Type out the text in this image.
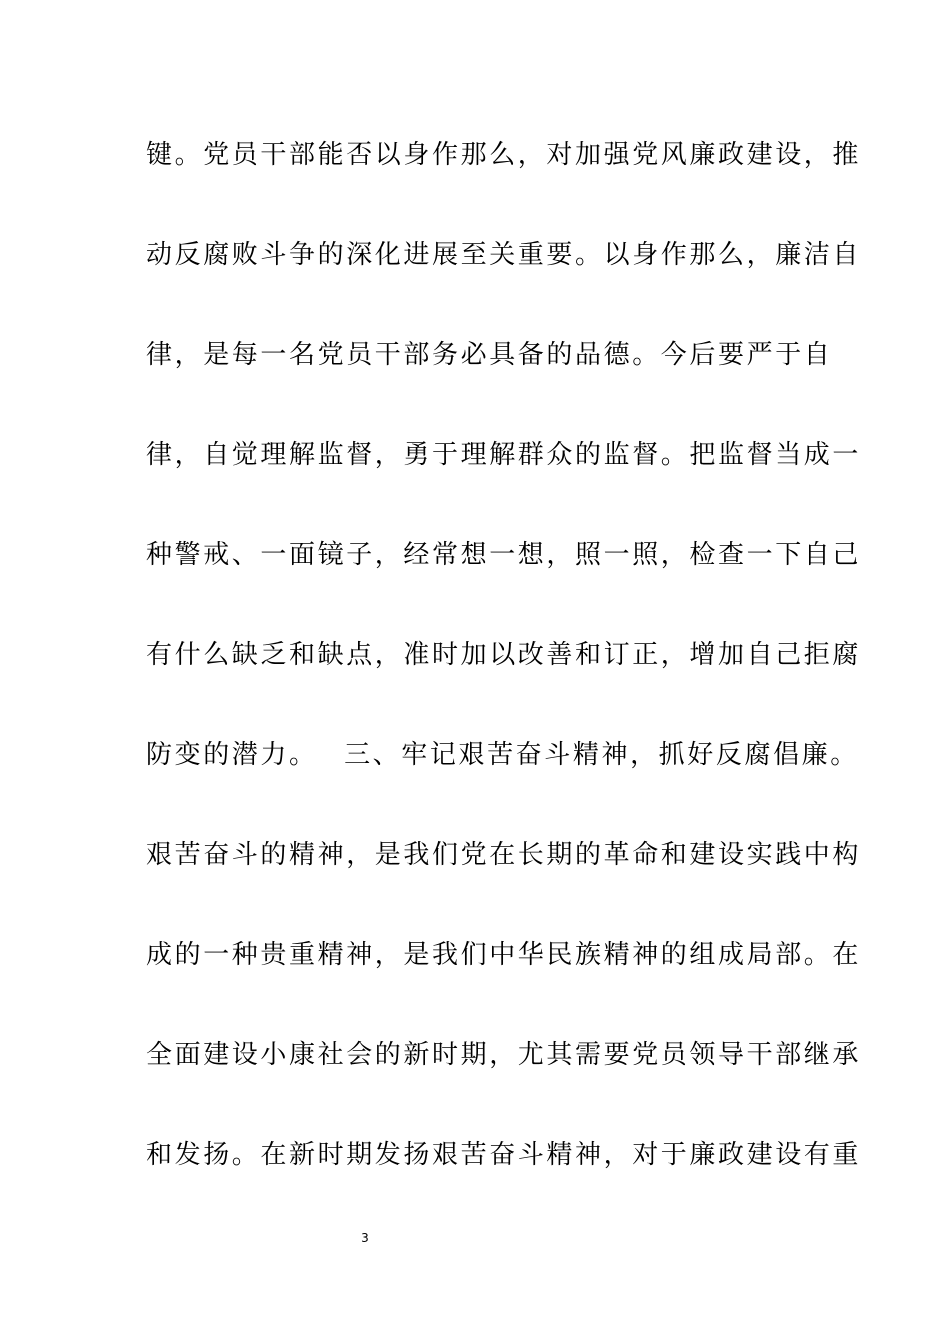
键。党员干部能否以身作那么，对加强党风廉政建设，推
动反腐败斗争的深化进展至关重要。以身作那么，廉洁自
律，是每一名党员干部务必具备的品德。今后要严于自
律，自觉理解监督，勇于理解群众的监督。把监督当成一
种警戒、一面镜子，经常想一想，照一照，检查一下自己
有什么缺乏和缺点，准时加以改善和订正，增加自己拒腐
防变的潜力。　 三、牢记艰苦奋斗精神，抓好反腐倡廉。
艰苦奋斗的精神，是我们党在长期的革命和建设实践中构
成的一种贵重精神，是我们中华民族精神的组成局部。在
全面建设小康社会的新时期，尤其需要党员领导干部继承
和发扬。在新时期发扬艰苦奋斗精神，对于廉政建设有重
3
